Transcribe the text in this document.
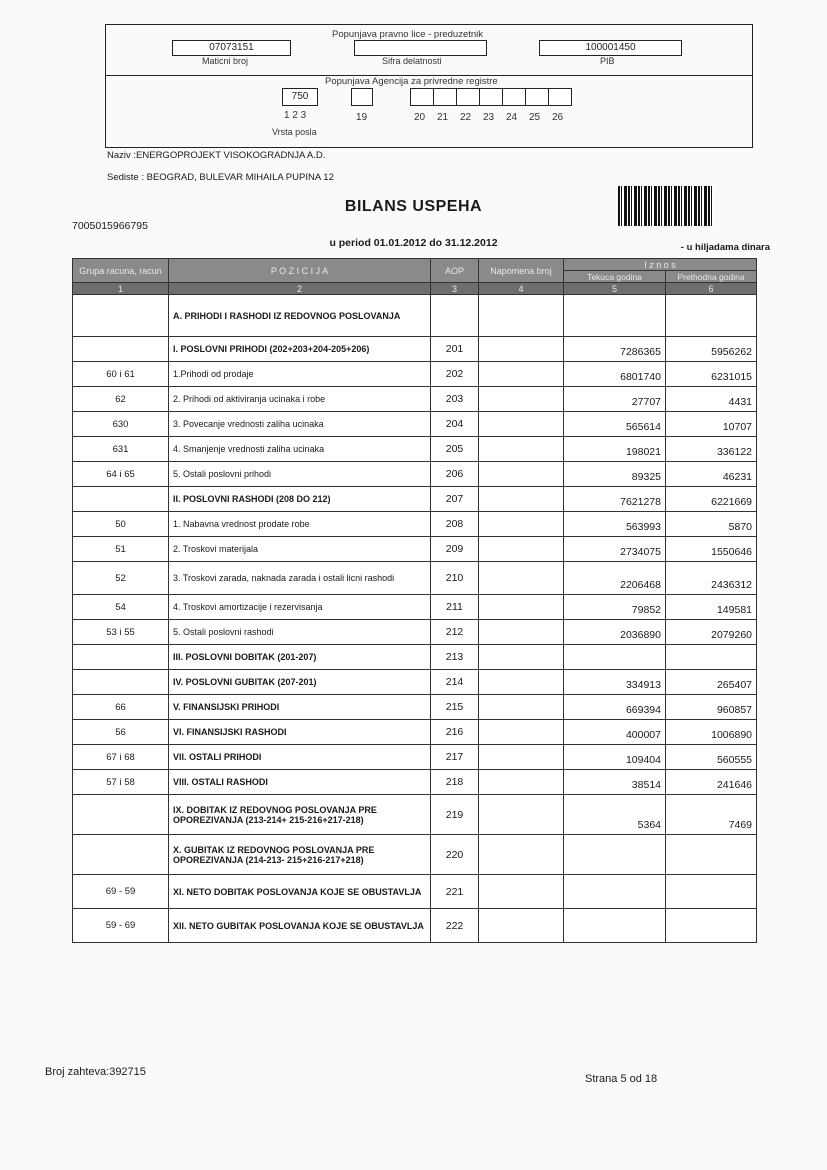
Popunjava pravno lice - preduzetnik
07073151
Maticni broj	Sifra delatnosti
100001450
PIB
Popunjava Agencija za privredne registre
750
1 2 3
Vrsta posla
19	20 21 22 23 24 25 26
Naziv :ENERGOPROJEKT VISOKOGRADNJA A.D.
Sediste : BEOGRAD, BULEVAR MIHAILA PUPINA 12
7005015966795
BILANS USPEHA
u period 01.01.2012 do 31.12.2012	- u hiljadama dinara
Grupa racuna, racun	P O Z I C I J A	AOP	Napomena broj	I z n o s	
				Tekuca godina	Prethodna godina
1	2	3	4	5	6
	A. PRIHODI I RASHODI IZ REDOVNOG POSLOVANJA				
	I. POSLOVNI PRIHODI (202+203+204-205+206)	201		7286365	5956262
60 i 61	1.Prihodi od prodaje	202		6801740	6231015
62	2. Prihodi od aktiviranja ucinaka i robe	203		27707	4431
630	3. Povecanje vrednosti zaliha ucinaka	204		565614	10707
631	4. Smanjenje vrednosti zaliha ucinaka	205		198021	336122
64 i 65	5. Ostali poslovni prihodi	206		89325	46231
	II. POSLOVNI RASHODI (208 DO 212)	207		7621278	6221669
50	1. Nabavna vrednost prodate robe	208		563993	5870
51	2. Troskovi materijala	209		2734075	1550646
52	3. Troskovi zarada, naknada zarada i ostali licni rashodi	210		2206468	2436312
54	4. Troskovi amortizacije i rezervisanja	211		79852	149581
53 i 55	5. Ostali poslovni rashodi	212		2036890	2079260
	III. POSLOVNI DOBITAK (201-207)	213			
	IV. POSLOVNI GUBITAK (207-201)	214		334913	265407
66	V. FINANSIJSKI PRIHODI	215		669394	960857
56	VI. FINANSIJSKI RASHODI	216		400007	1006890
67 i 68	VII. OSTALI PRIHODI	217		109404	560555
57 i 58	VIII. OSTALI RASHODI	218		38514	241646
	IX. DOBITAK IZ REDOVNOG POSLOVANJA PRE OPOREZIVANJA (213-214+ 215-216+217-218)	219		5364	7469
	X. GUBITAK IZ REDOVNOG POSLOVANJA PRE OPOREZIVANJA (214-213- 215+216-217+218)	220			
69 - 59	XI. NETO DOBITAK POSLOVANJA KOJE SE OBUSTAVLJA	221			
59 - 69	XII. NETO GUBITAK POSLOVANJA KOJE SE OBUSTAVLJA	222			
Broj zahteva:392715
Strana 5 od 18
